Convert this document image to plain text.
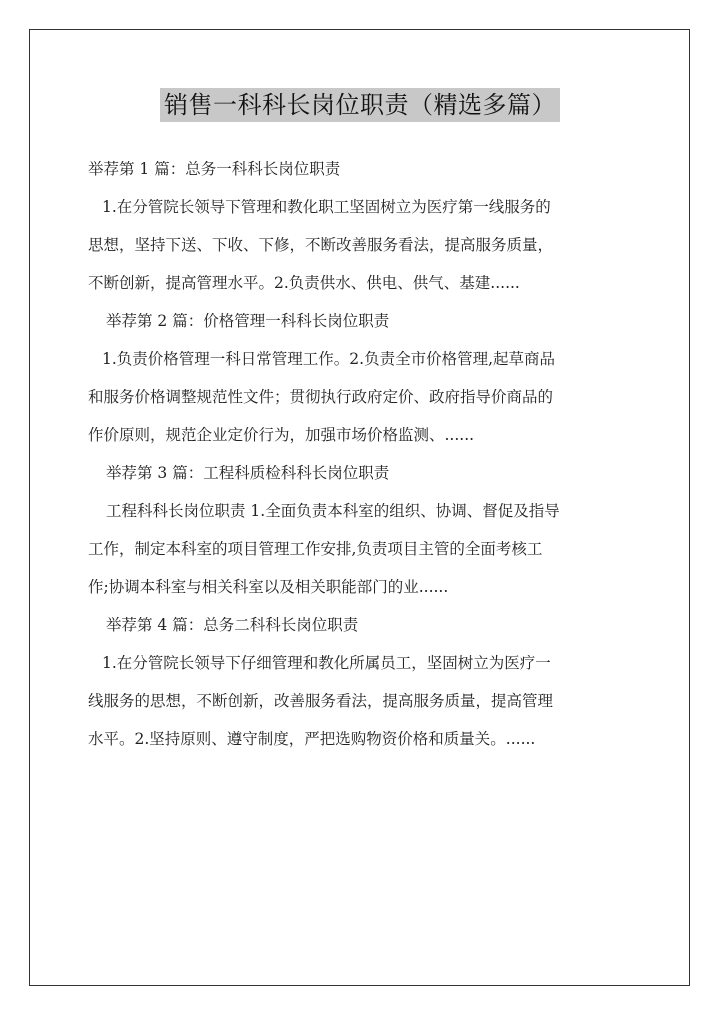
销售一科科长岗位职责（精选多篇）
举荐第 1 篇：总务一科科长岗位职责
1.在分管院长领导下管理和教化职工坚固树立为医疗第一线服务的
思想，坚持下送、下收、下修，不断改善服务看法，提高服务质量，
不断创新，提高管理水平。2.负责供水、供电、供气、基建......
举荐第 2 篇：价格管理一科科长岗位职责
1.负责价格管理一科日常管理工作。2.负责全市价格管理,起草商品
和服务价格调整规范性文件；贯彻执行政府定价、政府指导价商品的
作价原则，规范企业定价行为，加强市场价格监测、......
举荐第 3 篇：工程科质检科科长岗位职责
工程科科长岗位职责 1.全面负责本科室的组织、协调、督促及指导
工作，制定本科室的项目管理工作安排,负责项目主管的全面考核工
作;协调本科室与相关科室以及相关职能部门的业......
举荐第 4 篇：总务二科科长岗位职责
1.在分管院长领导下仔细管理和教化所属员工，坚固树立为医疗一
线服务的思想，不断创新，改善服务看法，提高服务质量，提高管理
水平。2.坚持原则、遵守制度，严把选购物资价格和质量关。......
